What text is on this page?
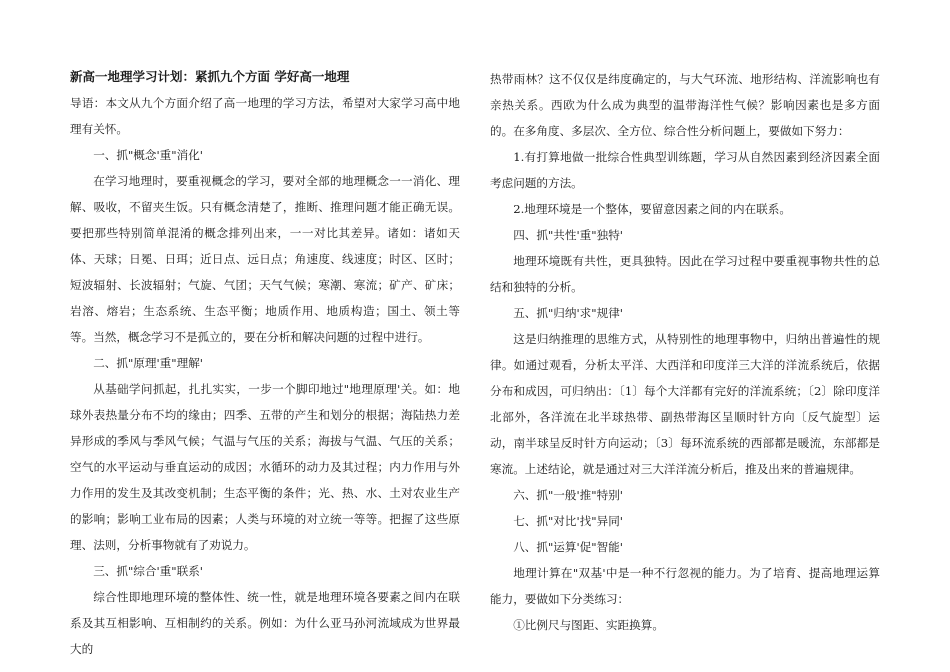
新高一地理学习计划：紧抓九个方面 学好高一地理

导语：本文从九个方面介绍了高一地理的学习方法，希望对大家学习高中地理有关怀。

一、抓"概念'重"消化'

在学习地理时，要重视概念的学习，要对全部的地理概念一一消化、理解、吸收，不留夹生饭。只有概念清楚了，推断、推理问题才能正确无误。要把那些特别简单混淆的概念排列出来，一一对比其差异。诸如：诸如天体、天球；日冕、日珥；近日点、远日点；角速度、线速度；时区、区时；短波辐射、长波辐射；气旋、气团；天气气候；寒潮、寒流；矿产、矿床；岩溶、熔岩；生态系统、生态平衡；地质作用、地质构造；国土、领土等等。当然，概念学习不是孤立的，要在分析和解决问题的过程中进行。

二、抓"原理'重"理解'

从基础学问抓起，扎扎实实，一步一个脚印地过"地理原理'关。如：地球外表热量分布不均的缘由；四季、五带的产生和划分的根据；海陆热力差异形成的季风与季风气候；气温与气压的关系；海拔与气温、气压的关系；空气的水平运动与垂直运动的成因；水循环的动力及其过程；内力作用与外力作用的发生及其改变机制；生态平衡的条件；光、热、水、土对农业生产的影响；影响工业布局的因素；人类与环境的对立统一等等。把握了这些原理、法则，分析事物就有了劝说力。

三、抓"综合'重"联系'

综合性即地理环境的整体性、统一性，就是地理环境各要素之间内在联系及其互相影响、互相制约的关系。例如：为什么亚马孙河流域成为世界最大的

热带雨林？这不仅仅是纬度确定的，与大气环流、地形结构、洋流影响也有亲热关系。西欧为什么成为典型的温带海洋性气候？影响因素也是多方面的。在多角度、多层次、全方位、综合性分析问题上，要做如下努力：

1.有打算地做一批综合性典型训练题，学习从自然因素到经济因素全面考虑问题的方法。

2.地理环境是一个整体，要留意因素之间的内在联系。

四、抓"共性'重"独特'

地理环境既有共性，更具独特。因此在学习过程中要重视事物共性的总结和独特的分析。

五、抓"归纳'求"规律'

这是归纳推理的思维方式，从特别性的地理事物中，归纳出普遍性的规律。如通过观看，分析太平洋、大西洋和印度洋三大洋的洋流系统后，依据分布和成因，可归纳出：〔1〕每个大洋都有完好的洋流系统；〔2〕除印度洋北部外，各洋流在北半球热带、副热带海区呈顺时针方向〔反气旋型〕运动，南半球呈反时针方向运动；〔3〕每环流系统的西部都是暖流，东部都是寒流。上述结论，就是通过对三大洋洋流分析后，推及出来的普遍规律。

六、抓"一般'推"特别'

七、抓"对比'找"异同'

八、抓"运算'促"智能'

地理计算在"双基'中是一种不行忽视的能力。为了培育、提高地理运算能力，要做如下分类练习：

①比例尺与图距、实距换算。
